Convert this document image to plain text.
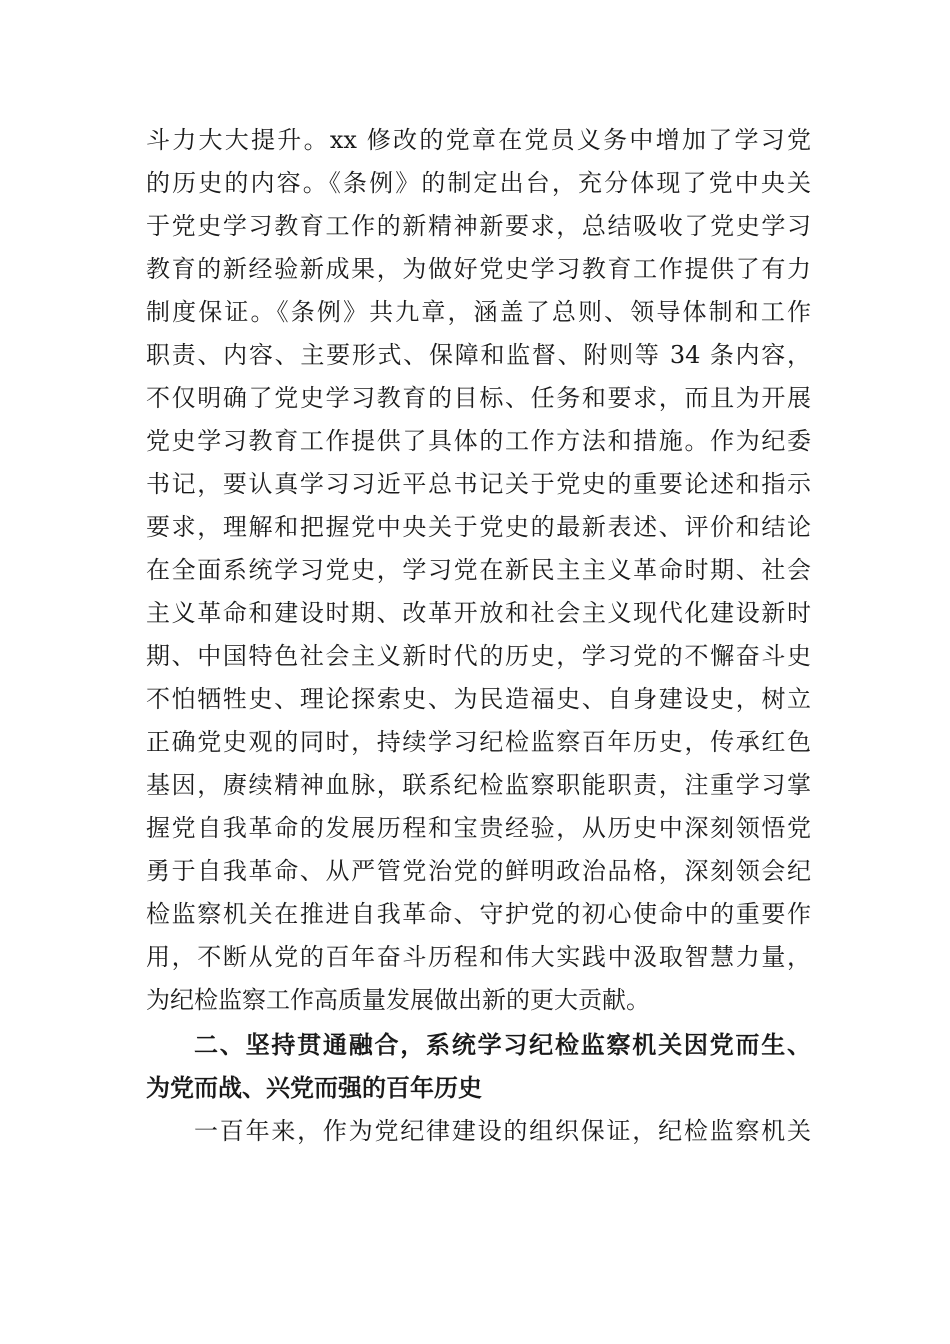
斗力大大提升。xx 修改的党章在党员义务中增加了学习党
的历史的内容。《条例》的制定出台，充分体现了党中央关
于党史学习教育工作的新精神新要求，总结吸收了党史学习
教育的新经验新成果，为做好党史学习教育工作提供了有力
制度保证。《条例》共九章，涵盖了总则、领导体制和工作
职责、内容、主要形式、保障和监督、附则等 34 条内容，
不仅明确了党史学习教育的目标、任务和要求，而且为开展
党史学习教育工作提供了具体的工作方法和措施。作为纪委
书记，要认真学习习近平总书记关于党史的重要论述和指示
要求，理解和把握党中央关于党史的最新表述、评价和结论
在全面系统学习党史，学习党在新民主主义革命时期、社会
主义革命和建设时期、改革开放和社会主义现代化建设新时
期、中国特色社会主义新时代的历史，学习党的不懈奋斗史
不怕牺牲史、理论探索史、为民造福史、自身建设史，树立
正确党史观的同时，持续学习纪检监察百年历史，传承红色
基因，赓续精神血脉，联系纪检监察职能职责，注重学习掌
握党自我革命的发展历程和宝贵经验，从历史中深刻领悟党
勇于自我革命、从严管党治党的鲜明政治品格，深刻领会纪
检监察机关在推进自我革命、守护党的初心使命中的重要作
用，不断从党的百年奋斗历程和伟大实践中汲取智慧力量，
为纪检监察工作高质量发展做出新的更大贡献。
二、坚持贯通融合，系统学习纪检监察机关因党而生、
为党而战、兴党而强的百年历史
一百年来，作为党纪律建设的组织保证，纪检监察机关
